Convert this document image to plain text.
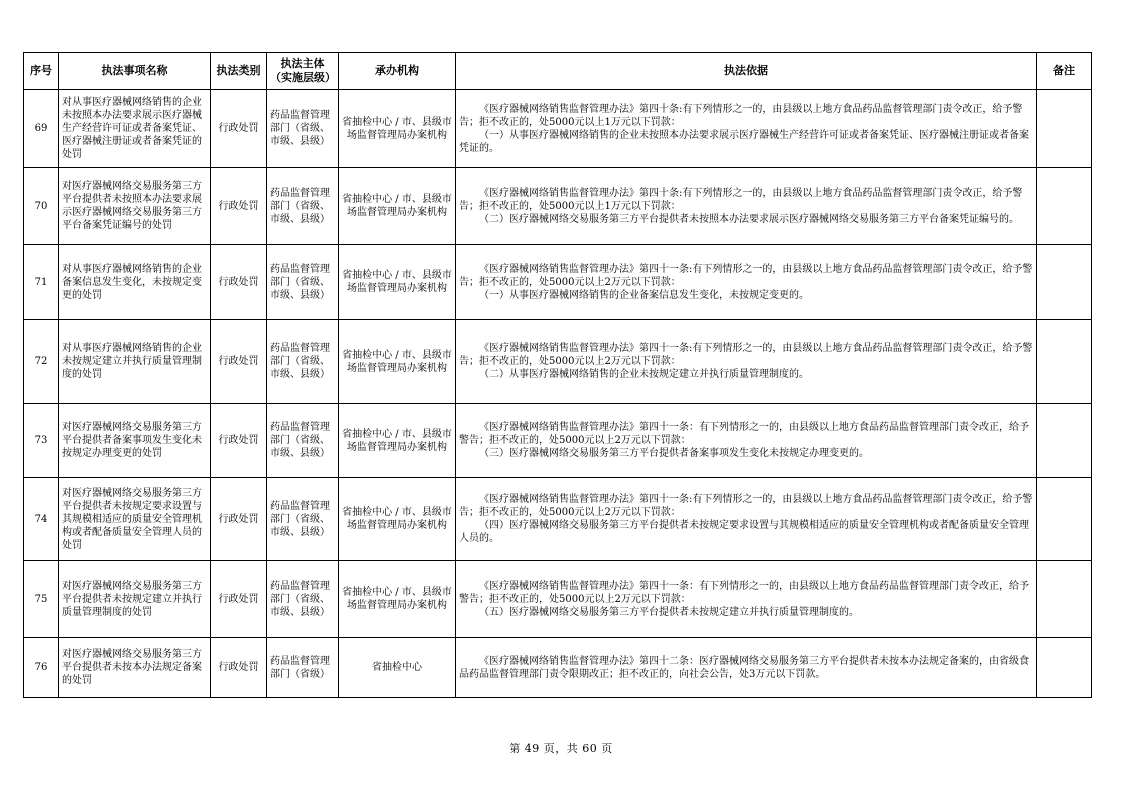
序号	执法事项名称	执法类别	执法主体（实施层级）	承办机构	执法依据	备注
69	对从事医疗器械网络销售的企业未按照本办法要求展示医疗器械生产经营许可证或者备案凭证、医疗器械注册证或者备案凭证的处罚	行政处罚	药品监督管理部门（省级、市级、县级）	省抽检中心 / 市、县级市场监督管理局办案机构	《医疗器械网络销售监督管理办法》第四十条:有下列情形之一的，由县级以上地方食品药品监督管理部门责令改正，给予警告；拒不改正的，处5000元以上1万元以下罚款：
（一）从事医疗器械网络销售的企业未按照本办法要求展示医疗器械生产经营许可证或者备案凭证、医疗器械注册证或者备案凭证的。	

70	对医疗器械网络交易服务第三方平台提供者未按照本办法要求展示医疗器械网络交易服务第三方平台备案凭证编号的处罚	行政处罚	药品监督管理部门（省级、市级、县级）	省抽检中心 / 市、县级市场监督管理局办案机构	《医疗器械网络销售监督管理办法》第四十条:有下列情形之一的，由县级以上地方食品药品监督管理部门责令改正，给予警告；拒不改正的，处5000元以上1万元以下罚款：
（二）医疗器械网络交易服务第三方平台提供者未按照本办法要求展示医疗器械网络交易服务第三方平台备案凭证编号的。	

71	对从事医疗器械网络销售的企业备案信息发生变化，未按规定变更的处罚	行政处罚	药品监督管理部门（省级、市级、县级）	省抽检中心 / 市、县级市场监督管理局办案机构	《医疗器械网络销售监督管理办法》第四十一条:有下列情形之一的，由县级以上地方食品药品监督管理部门责令改正，给予警告；拒不改正的，处5000元以上2万元以下罚款：
（一）从事医疗器械网络销售的企业备案信息发生变化，未按规定变更的。	

72	对从事医疗器械网络销售的企业未按规定建立并执行质量管理制度的处罚	行政处罚	药品监督管理部门（省级、市级、县级）	省抽检中心 / 市、县级市场监督管理局办案机构	《医疗器械网络销售监督管理办法》第四十一条:有下列情形之一的，由县级以上地方食品药品监督管理部门责令改正，给予警告；拒不改正的，处5000元以上2万元以下罚款：
（二）从事医疗器械网络销售的企业未按规定建立并执行质量管理制度的。	

73	对医疗器械网络交易服务第三方平台提供者备案事项发生变化未按规定办理变更的处罚	行政处罚	药品监督管理部门（省级、市级、县级）	省抽检中心 / 市、县级市场监督管理局办案机构	《医疗器械网络销售监督管理办法》第四十一条：有下列情形之一的，由县级以上地方食品药品监督管理部门责令改正，给予警告；拒不改正的，处5000元以上2万元以下罚款：
（三）医疗器械网络交易服务第三方平台提供者备案事项发生变化未按规定办理变更的。	

74	对医疗器械网络交易服务第三方平台提供者未按规定要求设置与其规模相适应的质量安全管理机构或者配备质量安全管理人员的处罚	行政处罚	药品监督管理部门（省级、市级、县级）	省抽检中心 / 市、县级市场监督管理局办案机构	《医疗器械网络销售监督管理办法》第四十一条:有下列情形之一的，由县级以上地方食品药品监督管理部门责令改正，给予警告；拒不改正的，处5000元以上2万元以下罚款：
（四）医疗器械网络交易服务第三方平台提供者未按规定要求设置与其规模相适应的质量安全管理机构或者配备质量安全管理人员的。	

75	对医疗器械网络交易服务第三方平台提供者未按规定建立并执行质量管理制度的处罚	行政处罚	药品监督管理部门（省级、市级、县级）	省抽检中心 / 市、县级市场监督管理局办案机构	《医疗器械网络销售监督管理办法》第四十一条：有下列情形之一的，由县级以上地方食品药品监督管理部门责令改正，给予警告；拒不改正的，处5000元以上2万元以下罚款：
（五）医疗器械网络交易服务第三方平台提供者未按规定建立并执行质量管理制度的。	

76	对医疗器械网络交易服务第三方平台提供者未按本办法规定备案的处罚	行政处罚	药品监督管理部门（省级）	省抽检中心	《医疗器械网络销售监督管理办法》第四十二条：医疗器械网络交易服务第三方平台提供者未按本办法规定备案的，由省级食品药品监督管理部门责令限期改正；拒不改正的，向社会公告，处3万元以下罚款。	

第 49 页，共 60 页
